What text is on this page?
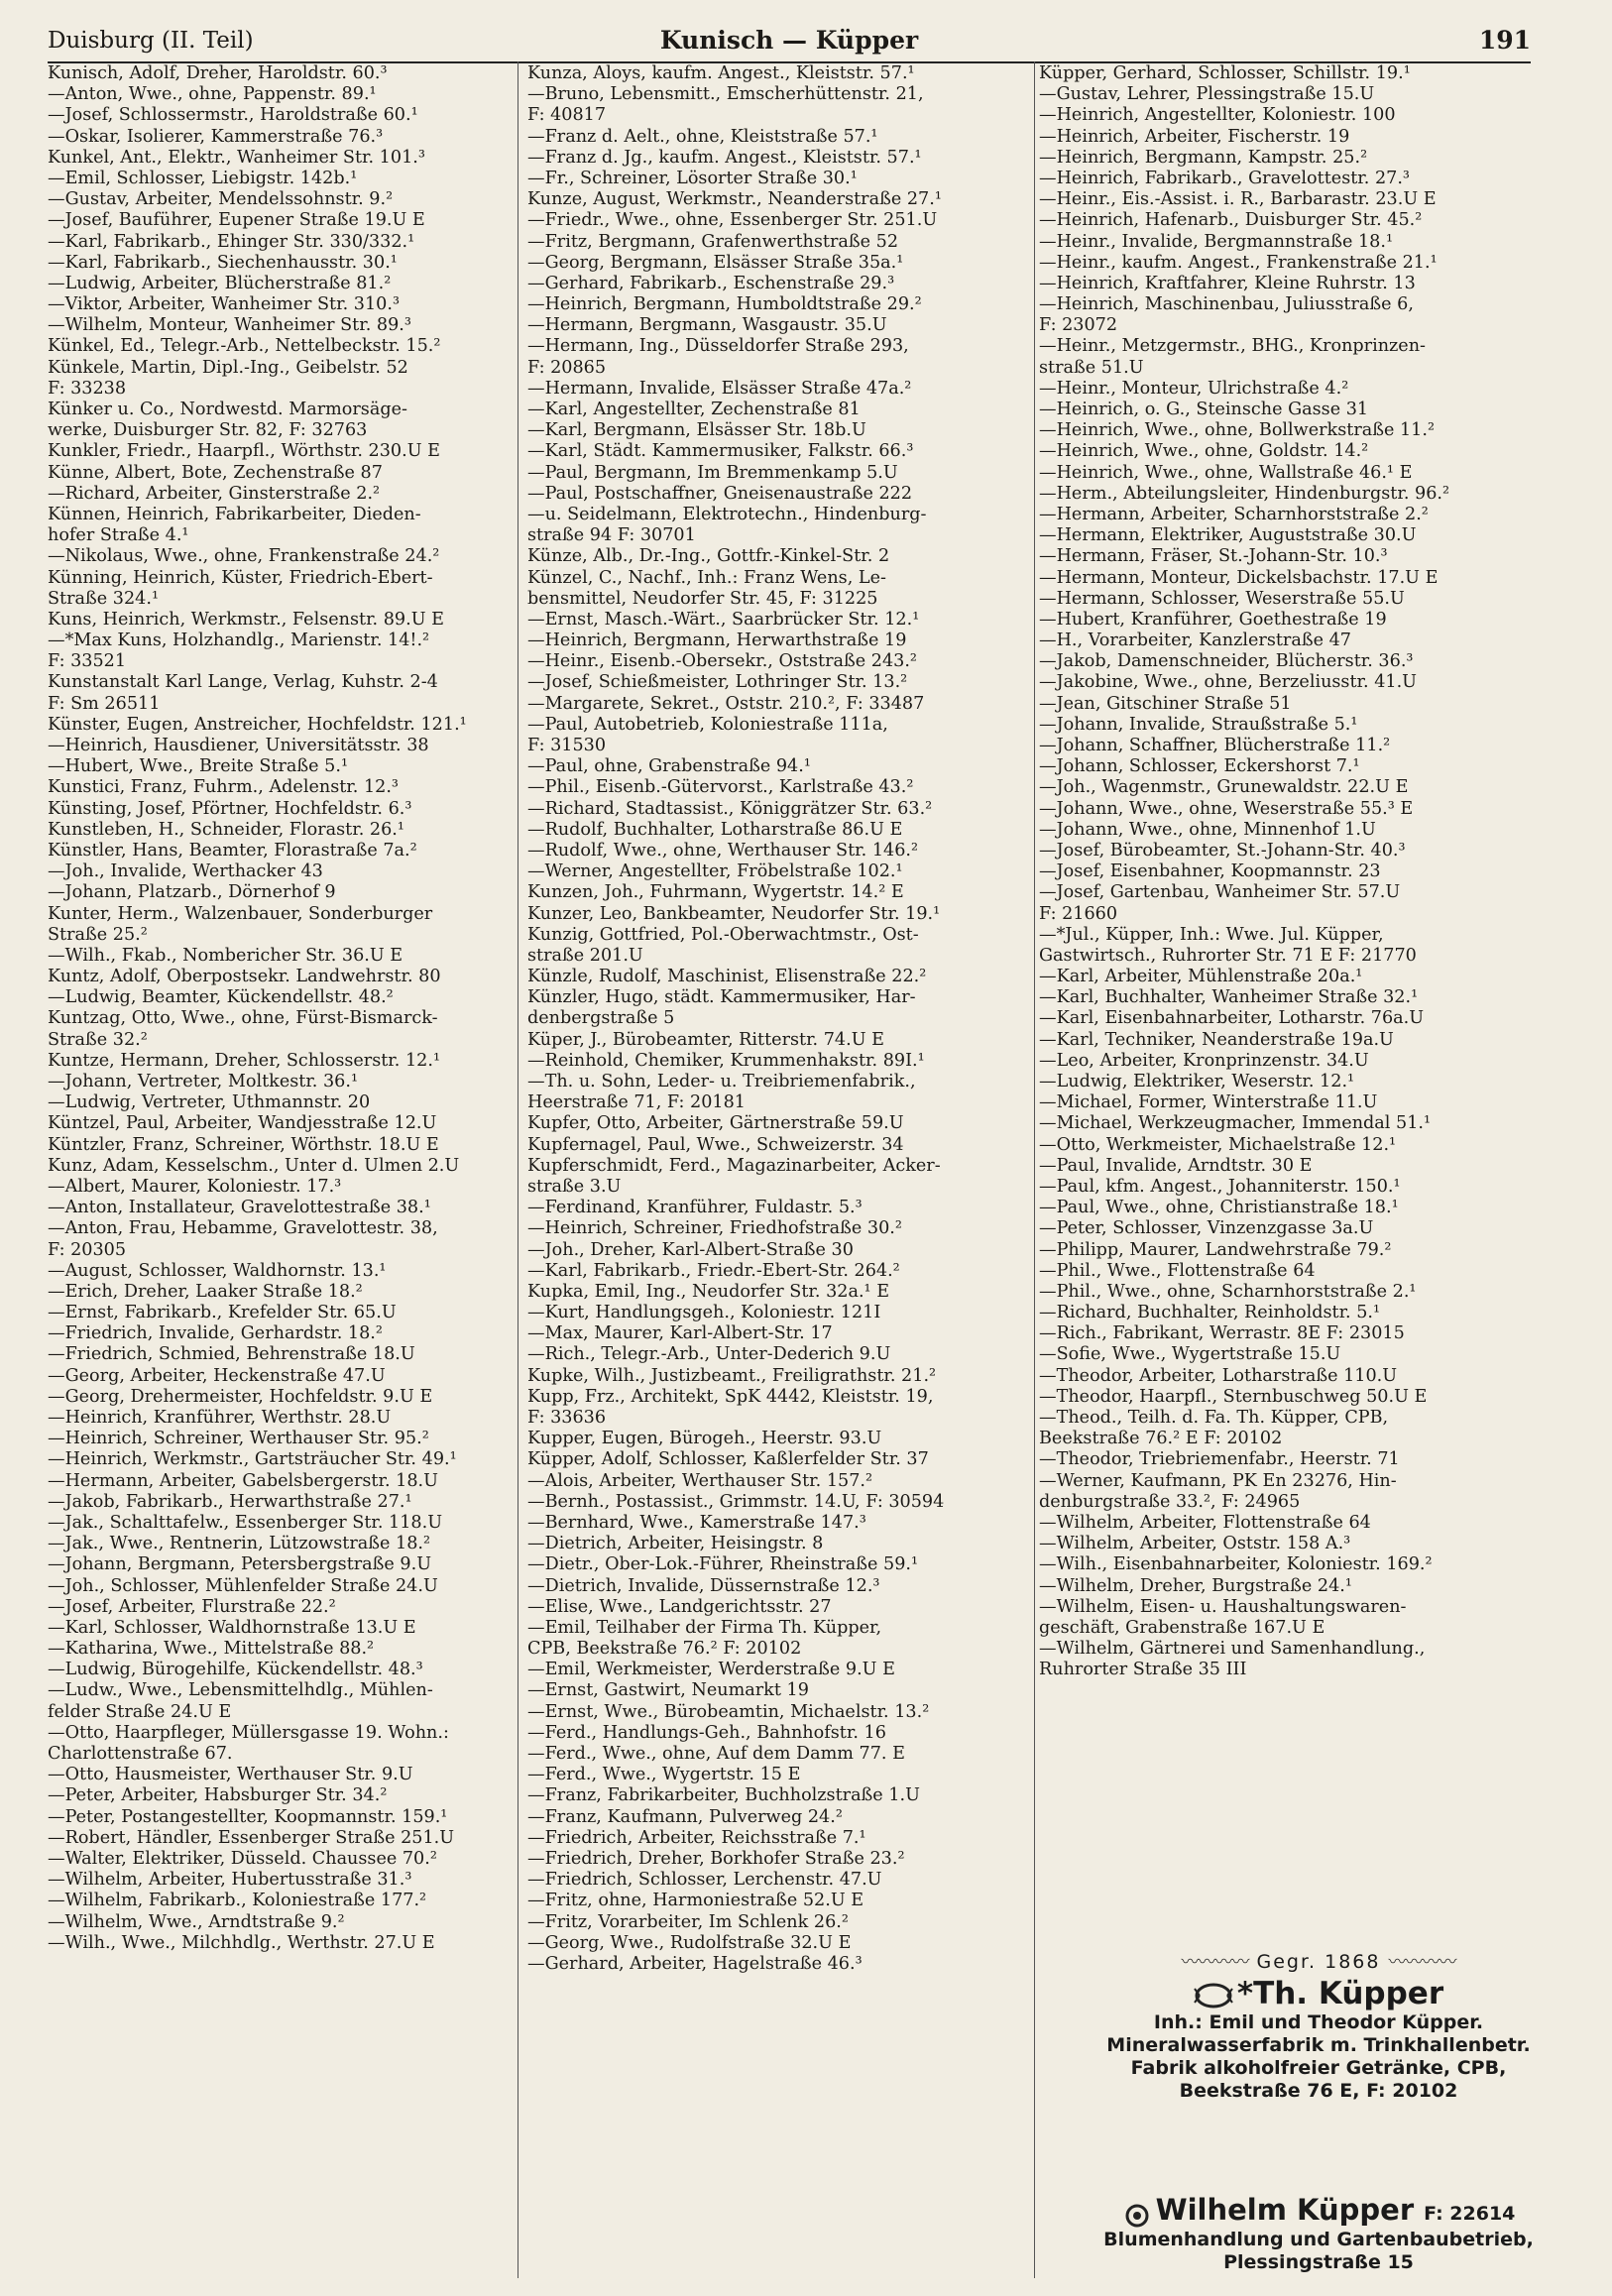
Duisburg (II. Teil)	Kunisch — Küpper	191
Kunisch, Adolf, Dreher, Haroldstr. 60.³
—Anton, Wwe., ohne, Pappenstr. 89.¹
—Josef, Schlossermstr., Haroldstraße 60.¹
—Oskar, Isolierer, Kammerstraße 76.³
Kunkel, Ant., Elektr., Wanheimer Str. 101.³
—Emil, Schlosser, Liebigstr. 142b.¹
—Gustav, Arbeiter, Mendelssohnstr. 9.²
—Josef, Bauführer, Eupener Straße 19.U E
—Karl, Fabrikarb., Ehinger Str. 330/332.¹
—Karl, Fabrikarb., Siechenhausstr. 30.¹
—Ludwig, Arbeiter, Blücherstraße 81.²
—Viktor, Arbeiter, Wanheimer Str. 310.³
—Wilhelm, Monteur, Wanheimer Str. 89.³
Künkel, Ed., Telegr.-Arb., Nettelbeckstr. 15.²
Künkele, Martin, Dipl.-Ing., Geibelstr. 52
F: 33238
Künker u. Co., Nordwestd. Marmorsäge-
werke, Duisburger Str. 82, F: 32763
Kunkler, Friedr., Haarpfl., Wörthstr. 230.U E
Künne, Albert, Bote, Zechenstraße 87
—Richard, Arbeiter, Ginsterstraße 2.²
Künnen, Heinrich, Fabrikarbeiter, Dieden-
hofer Straße 4.¹
—Nikolaus, Wwe., ohne, Frankenstraße 24.²
Künning, Heinrich, Küster, Friedrich-Ebert-
Straße 324.¹
Kuns, Heinrich, Werkmstr., Felsenstr. 89.U E
—*Max Kuns, Holzhandlg., Marienstr. 14!.²
F: 33521
Kunstanstalt Karl Lange, Verlag, Kuhstr. 2-4
F: Sm 26511
Künster, Eugen, Anstreicher, Hochfeldstr. 121.¹
—Heinrich, Hausdiener, Universitätsstr. 38
—Hubert, Wwe., Breite Straße 5.¹
Kunstici, Franz, Fuhrm., Adelenstr. 12.³
Künsting, Josef, Pförtner, Hochfeldstr. 6.³
Kunstleben, H., Schneider, Florastr. 26.¹
Künstler, Hans, Beamter, Florastraße 7a.²
—Joh., Invalide, Werthacker 43
—Johann, Platzarb., Dörnerhof 9
Kunter, Herm., Walzenbauer, Sonderburger
Straße 25.²
—Wilh., Fkab., Nombericher Str. 36.U E
Kuntz, Adolf, Oberpostsekr. Landwehrstr. 80
—Ludwig, Beamter, Kückendellstr. 48.²
Kuntzag, Otto, Wwe., ohne, Fürst-Bismarck-
Straße 32.²
Kuntze, Hermann, Dreher, Schlosserstr. 12.¹
—Johann, Vertreter, Moltkestr. 36.¹
—Ludwig, Vertreter, Uthmannstr. 20
Küntzel, Paul, Arbeiter, Wandjesstraße 12.U
Küntzler, Franz, Schreiner, Wörthstr. 18.U E
Kunz, Adam, Kesselschm., Unter d. Ulmen 2.U
—Albert, Maurer, Koloniestr. 17.³
—Anton, Installateur, Gravelottestraße 38.¹
—Anton, Frau, Hebamme, Gravelottestr. 38,
F: 20305
—August, Schlosser, Waldhornstr. 13.¹
—Erich, Dreher, Laaker Straße 18.²
—Ernst, Fabrikarb., Krefelder Str. 65.U
—Friedrich, Invalide, Gerhardstr. 18.²
—Friedrich, Schmied, Behrenstraße 18.U
—Georg, Arbeiter, Heckenstraße 47.U
—Georg, Drehermeister, Hochfeldstr. 9.U E
—Heinrich, Kranführer, Werthstr. 28.U
—Heinrich, Schreiner, Werthauser Str. 95.²
—Heinrich, Werkmstr., Gartsträucher Str. 49.¹
—Hermann, Arbeiter, Gabelsbergerstr. 18.U
—Jakob, Fabrikarb., Herwarthstraße 27.¹
—Jak., Schalttafelw., Essenberger Str. 118.U
—Jak., Wwe., Rentnerin, Lützowstraße 18.²
—Johann, Bergmann, Petersbergstraße 9.U
—Joh., Schlosser, Mühlenfelder Straße 24.U
—Josef, Arbeiter, Flurstraße 22.²
—Karl, Schlosser, Waldhornstraße 13.U E
—Katharina, Wwe., Mittelstraße 88.²
—Ludwig, Bürogehilfe, Kückendellstr. 48.³
—Ludw., Wwe., Lebensmittelhdlg., Mühlen-
felder Straße 24.U E
—Otto, Haarpfleger, Müllersgasse 19. Wohn.:
Charlottenstraße 67.
—Otto, Hausmeister, Werthauser Str. 9.U
—Peter, Arbeiter, Habsburger Str. 34.²
—Peter, Postangestellter, Koopmannstr. 159.¹
—Robert, Händler, Essenberger Straße 251.U
—Walter, Elektriker, Düsseld. Chaussee 70.²
—Wilhelm, Arbeiter, Hubertusstraße 31.³
—Wilhelm, Fabrikarb., Koloniestraße 177.²
—Wilhelm, Wwe., Arndtstraße 9.²
—Wilh., Wwe., Milchhdlg., Werthstr. 27.U E
Kunza, Aloys, kaufm. Angest., Kleiststr. 57.¹
—Bruno, Lebensmitt., Emscherhüttenstr. 21,
F: 40817
—Franz d. Aelt., ohne, Kleiststraße 57.¹
—Franz d. Jg., kaufm. Angest., Kleiststr. 57.¹
—Fr., Schreiner, Lösorter Straße 30.¹
Kunze, August, Werkmstr., Neanderstraße 27.¹
—Friedr., Wwe., ohne, Essenberger Str. 251.U
—Fritz, Bergmann, Grafenwerthstraße 52
—Georg, Bergmann, Elsässer Straße 35a.¹
—Gerhard, Fabrikarb., Eschenstraße 29.³
—Heinrich, Bergmann, Humboldtstraße 29.²
—Hermann, Bergmann, Wasgaustr. 35.U
—Hermann, Ing., Düsseldorfer Straße 293,
F: 20865
—Hermann, Invalide, Elsässer Straße 47a.²
—Karl, Angestellter, Zechenstraße 81
—Karl, Bergmann, Elsässer Str. 18b.U
—Karl, Städt. Kammermusiker, Falkstr. 66.³
—Paul, Bergmann, Im Bremmenkamp 5.U
—Paul, Postschaffner, Gneisenaustraße 222
—u. Seidelmann, Elektrotechn., Hindenburg-
straße 94 F: 30701
Künze, Alb., Dr.-Ing., Gottfr.-Kinkel-Str. 2
Künzel, C., Nachf., Inh.: Franz Wens, Le-
bensmittel, Neudorfer Str. 45, F: 31225
—Ernst, Masch.-Wärt., Saarbrücker Str. 12.¹
—Heinrich, Bergmann, Herwarthstraße 19
—Heinr., Eisenb.-Obersekr., Oststraße 243.²
—Josef, Schießmeister, Lothringer Str. 13.²
—Margarete, Sekret., Oststr. 210.², F: 33487
—Paul, Autobetrieb, Koloniestraße 111a,
F: 31530
—Paul, ohne, Grabenstraße 94.¹
—Phil., Eisenb.-Gütervorst., Karlstraße 43.²
—Richard, Stadtassist., Königgrätzer Str. 63.²
—Rudolf, Buchhalter, Lotharstraße 86.U E
—Rudolf, Wwe., ohne, Werthauser Str. 146.²
—Werner, Angestellter, Fröbelstraße 102.¹
Kunzen, Joh., Fuhrmann, Wygertstr. 14.² E
Kunzer, Leo, Bankbeamter, Neudorfer Str. 19.¹
Kunzig, Gottfried, Pol.-Oberwachtmstr., Ost-
straße 201.U
Künzle, Rudolf, Maschinist, Elisenstraße 22.²
Künzler, Hugo, städt. Kammermusiker, Har-
denbergstraße 5
Küper, J., Bürobeamter, Ritterstr. 74.U E
—Reinhold, Chemiker, Krummenhakstr. 89I.¹
—Th. u. Sohn, Leder- u. Treibriemenfabrik.,
Heerstraße 71, F: 20181
Kupfer, Otto, Arbeiter, Gärtnerstraße 59.U
Kupfernagel, Paul, Wwe., Schweizerstr. 34
Kupferschmidt, Ferd., Magazinarbeiter, Acker-
straße 3.U
—Ferdinand, Kranführer, Fuldastr. 5.³
—Heinrich, Schreiner, Friedhofstraße 30.²
—Joh., Dreher, Karl-Albert-Straße 30
—Karl, Fabrikarb., Friedr.-Ebert-Str. 264.²
Kupka, Emil, Ing., Neudorfer Str. 32a.¹ E
—Kurt, Handlungsgeh., Koloniestr. 121I
—Max, Maurer, Karl-Albert-Str. 17
—Rich., Telegr.-Arb., Unter-Dederich 9.U
Kupke, Wilh., Justizbeamt., Freiligrathstr. 21.²
Kupp, Frz., Architekt, SpK 4442, Kleiststr. 19,
F: 33636
Kupper, Eugen, Bürogeh., Heerstr. 93.U
Küpper, Adolf, Schlosser, Kaßlerfelder Str. 37
—Alois, Arbeiter, Werthauser Str. 157.²
—Bernh., Postassist., Grimmstr. 14.U, F: 30594
—Bernhard, Wwe., Kamerstraße 147.³
—Dietrich, Arbeiter, Heisingstr. 8
—Dietr., Ober-Lok.-Führer, Rheinstraße 59.¹
—Dietrich, Invalide, Düssernstraße 12.³
—Elise, Wwe., Landgerichtsstr. 27
—Emil, Teilhaber der Firma Th. Küpper,
CPB, Beekstraße 76.² F: 20102
—Emil, Werkmeister, Werderstraße 9.U E
—Ernst, Gastwirt, Neumarkt 19
—Ernst, Wwe., Bürobeamtin, Michaelstr. 13.²
—Ferd., Handlungs-Geh., Bahnhofstr. 16
—Ferd., Wwe., ohne, Auf dem Damm 77. E
—Ferd., Wwe., Wygertstr. 15 E
—Franz, Fabrikarbeiter, Buchholzstraße 1.U
—Franz, Kaufmann, Pulverweg 24.²
—Friedrich, Arbeiter, Reichsstraße 7.¹
—Friedrich, Dreher, Borkhofer Straße 23.²
—Friedrich, Schlosser, Lerchenstr. 47.U
—Fritz, ohne, Harmoniestraße 52.U E
—Fritz, Vorarbeiter, Im Schlenk 26.²
—Georg, Wwe., Rudolfstraße 32.U E
—Gerhard, Arbeiter, Hagelstraße 46.³
Küpper, Gerhard, Schlosser, Schillstr. 19.¹
—Gustav, Lehrer, Plessingstraße 15.U
—Heinrich, Angestellter, Koloniestr. 100
—Heinrich, Arbeiter, Fischerstr. 19
—Heinrich, Bergmann, Kampstr. 25.²
—Heinrich, Fabrikarb., Gravelottestr. 27.³
—Heinr., Eis.-Assist. i. R., Barbarastr. 23.U E
—Heinrich, Hafenarb., Duisburger Str. 45.²
—Heinr., Invalide, Bergmannstraße 18.¹
—Heinr., kaufm. Angest., Frankenstraße 21.¹
—Heinrich, Kraftfahrer, Kleine Ruhrstr. 13
—Heinrich, Maschinenbau, Juliusstraße 6,
F: 23072
—Heinr., Metzgermstr., BHG., Kronprinzen-
straße 51.U
—Heinr., Monteur, Ulrichstraße 4.²
—Heinrich, o. G., Steinsche Gasse 31
—Heinrich, Wwe., ohne, Bollwerkstraße 11.²
—Heinrich, Wwe., ohne, Goldstr. 14.²
—Heinrich, Wwe., ohne, Wallstraße 46.¹ E
—Herm., Abteilungsleiter, Hindenburgstr. 96.²
—Hermann, Arbeiter, Scharnhorststraße 2.²
—Hermann, Elektriker, Auguststraße 30.U
—Hermann, Fräser, St.-Johann-Str. 10.³
—Hermann, Monteur, Dickelsbachstr. 17.U E
—Hermann, Schlosser, Weserstraße 55.U
—Hubert, Kranführer, Goethestraße 19
—H., Vorarbeiter, Kanzlerstraße 47
—Jakob, Damenschneider, Blücherstr. 36.³
—Jakobine, Wwe., ohne, Berzeliusstr. 41.U
—Jean, Gitschiner Straße 51
—Johann, Invalide, Straußstraße 5.¹
—Johann, Schaffner, Blücherstraße 11.²
—Johann, Schlosser, Eckershorst 7.¹
—Joh., Wagenmstr., Grunewaldstr. 22.U E
—Johann, Wwe., ohne, Weserstraße 55.³ E
—Johann, Wwe., ohne, Minnenhof 1.U
—Josef, Bürobeamter, St.-Johann-Str. 40.³
—Josef, Eisenbahner, Koopmannstr. 23
—Josef, Gartenbau, Wanheimer Str. 57.U
F: 21660
—*Jul., Küpper, Inh.: Wwe. Jul. Küpper,
Gastwirtsch., Ruhrorter Str. 71 E F: 21770
—Karl, Arbeiter, Mühlenstraße 20a.¹
—Karl, Buchhalter, Wanheimer Straße 32.¹
—Karl, Eisenbahnarbeiter, Lotharstr. 76a.U
—Karl, Techniker, Neanderstraße 19a.U
—Leo, Arbeiter, Kronprinzenstr. 34.U
—Ludwig, Elektriker, Weserstr. 12.¹
—Michael, Former, Winterstraße 11.U
—Michael, Werkzeugmacher, Immendal 51.¹
—Otto, Werkmeister, Michaelstraße 12.¹
—Paul, Invalide, Arndtstr. 30 E
—Paul, kfm. Angest., Johanniterstr. 150.¹
—Paul, Wwe., ohne, Christianstraße 18.¹
—Peter, Schlosser, Vinzenzgasse 3a.U
—Philipp, Maurer, Landwehrstraße 79.²
—Phil., Wwe., Flottenstraße 64
—Phil., Wwe., ohne, Scharnhorststraße 2.¹
—Richard, Buchhalter, Reinholdstr. 5.¹
—Rich., Fabrikant, Werrastr. 8E F: 23015
—Sofie, Wwe., Wygertstraße 15.U
—Theodor, Arbeiter, Lotharstraße 110.U
—Theodor, Haarpfl., Sternbuschweg 50.U E
—Theod., Teilh. d. Fa. Th. Küpper, CPB,
Beekstraße 76.² E F: 20102
—Theodor, Triebriemenfabr., Heerstr. 71
—Werner, Kaufmann, PK En 23276, Hin-
denburgstraße 33.², F: 24965
—Wilhelm, Arbeiter, Flottenstraße 64
—Wilhelm, Arbeiter, Oststr. 158 A.³
—Wilh., Eisenbahnarbeiter, Koloniestr. 169.²
—Wilhelm, Dreher, Burgstraße 24.¹
—Wilhelm, Eisen- u. Haushaltungswaren-
geschäft, Grabenstraße 167.U E
—Wilhelm, Gärtnerei und Samenhandlung.,
Ruhrorter Straße 35 III
〰〰〰〰 Gegr. 1868 〰〰〰〰
*Th. Küpper
Inh.: Emil und Theodor Küpper.
Mineralwasserfabrik m. Trinkhallenbetr.
Fabrik alkoholfreier Getränke, CPB,
Beekstraße 76 E, F: 20102
Wilhelm Küpper F: 22614
Blumenhandlung und Gartenbaubetrieb,
Plessingstraße 15
